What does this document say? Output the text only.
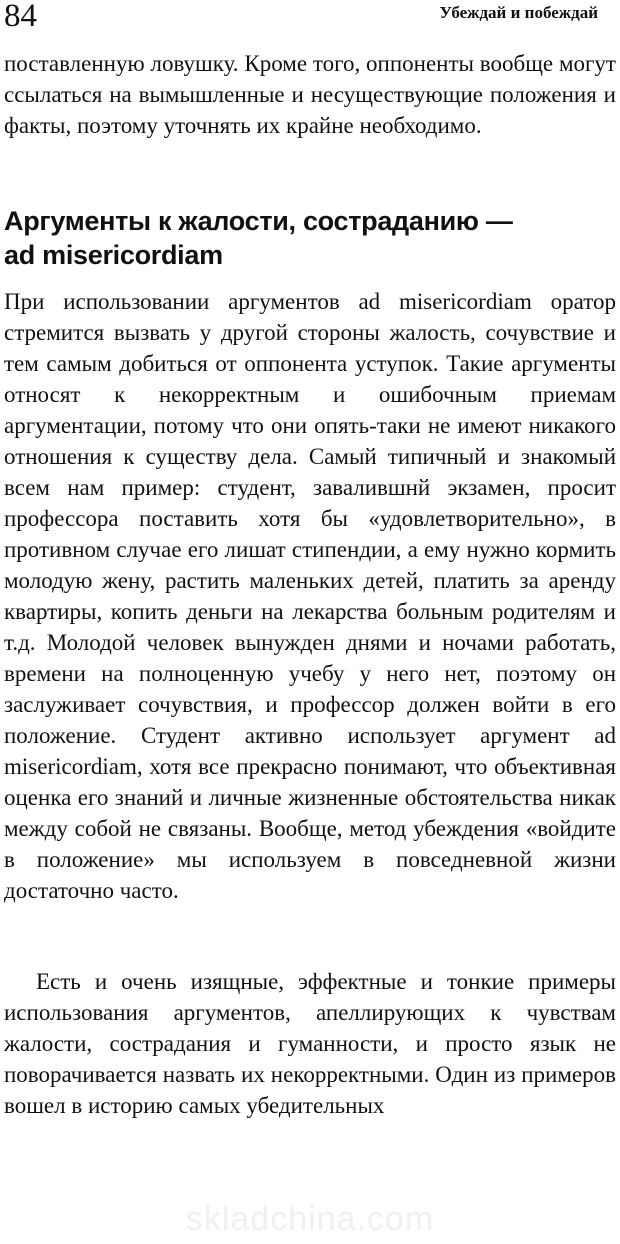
84	Убеждай и побеждай

поставленную ловушку. Кроме того, оппоненты вообще могут ссылаться на вымышленные и несуществующие положения и факты, поэтому уточнять их крайне необходимо.

Аргументы к жалости, состраданию —
ad misericordiam

При использовании аргументов ad misericordiam оратор стремится вызвать у другой стороны жалость, сочувствие и тем самым добиться от оппонента уступок. Такие аргументы относят к некорректным и ошибочным приемам аргументации, потому что они опять-таки не имеют никакого отношения к существу дела. Самый типичный и знакомый всем нам пример: студент, завалившнй экзамен, просит профессора поставить хотя бы «удовлетворительно», в противном случае его лишат стипендии, а ему нужно кормить молодую жену, растить маленьких детей, платить за аренду квартиры, копить деньги на лекарства больным родителям и т.д. Молодой человек вынужден днями и ночами работать, времени на полноценную учебу у него нет, поэтому он заслуживает сочувствия, и профессор должен войти в его положение. Студент активно использует аргумент ad misericordiam, хотя все прекрасно понимают, что объективная оценка его знаний и личные жизненные обстоятельства никак между собой не связаны. Вообще, метод убеждения «войдите в положение» мы используем в повседневной жизни достаточно часто.

Есть и очень изящные, эффектные и тонкие примеры использования аргументов, апеллирующих к чувствам жалости, сострадания и гуманности, и просто язык не поворачивается назвать их некорректными. Один из примеров вошел в историю самых убедительных

skladchina.com
